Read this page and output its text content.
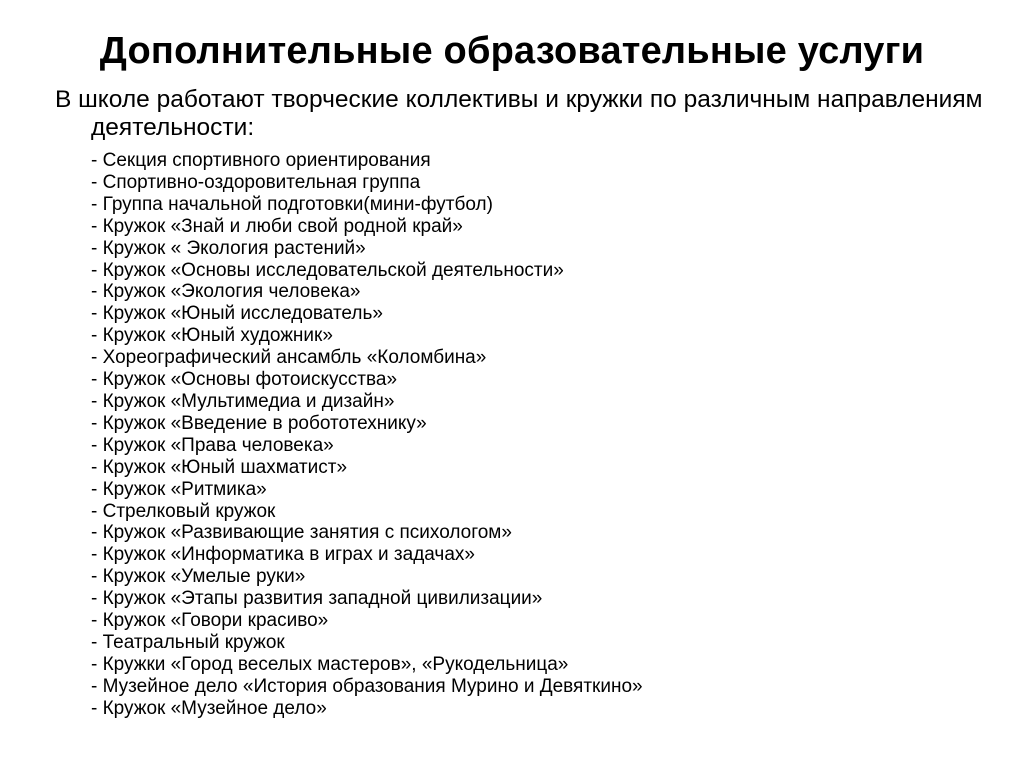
Дополнительные образовательные услуги

В школе работают творческие коллективы и кружки по различным направлениям деятельности:

- Секция спортивного ориентирования
- Спортивно-оздоровительная группа
- Группа начальной подготовки(мини-футбол)
- Кружок «Знай и люби свой родной край»
- Кружок « Экология растений»
- Кружок «Основы исследовательской деятельности»
- Кружок «Экология человека»
- Кружок «Юный исследователь»
- Кружок «Юный художник»
- Хореографический ансамбль «Коломбина»
- Кружок «Основы фотоискусства»
- Кружок «Мультимедиа и дизайн»
- Кружок «Введение в робототехнику»
- Кружок «Права человека»
- Кружок «Юный шахматист»
- Кружок «Ритмика»
- Стрелковый кружок
- Кружок «Развивающие занятия с психологом»
- Кружок «Информатика в играх и задачах»
- Кружок «Умелые руки»
- Кружок «Этапы развития западной цивилизации»
- Кружок «Говори красиво»
- Театральный кружок
- Кружки «Город веселых мастеров», «Рукодельница»
- Музейное дело «История образования Мурино и Девяткино»
- Кружок «Музейное дело»
